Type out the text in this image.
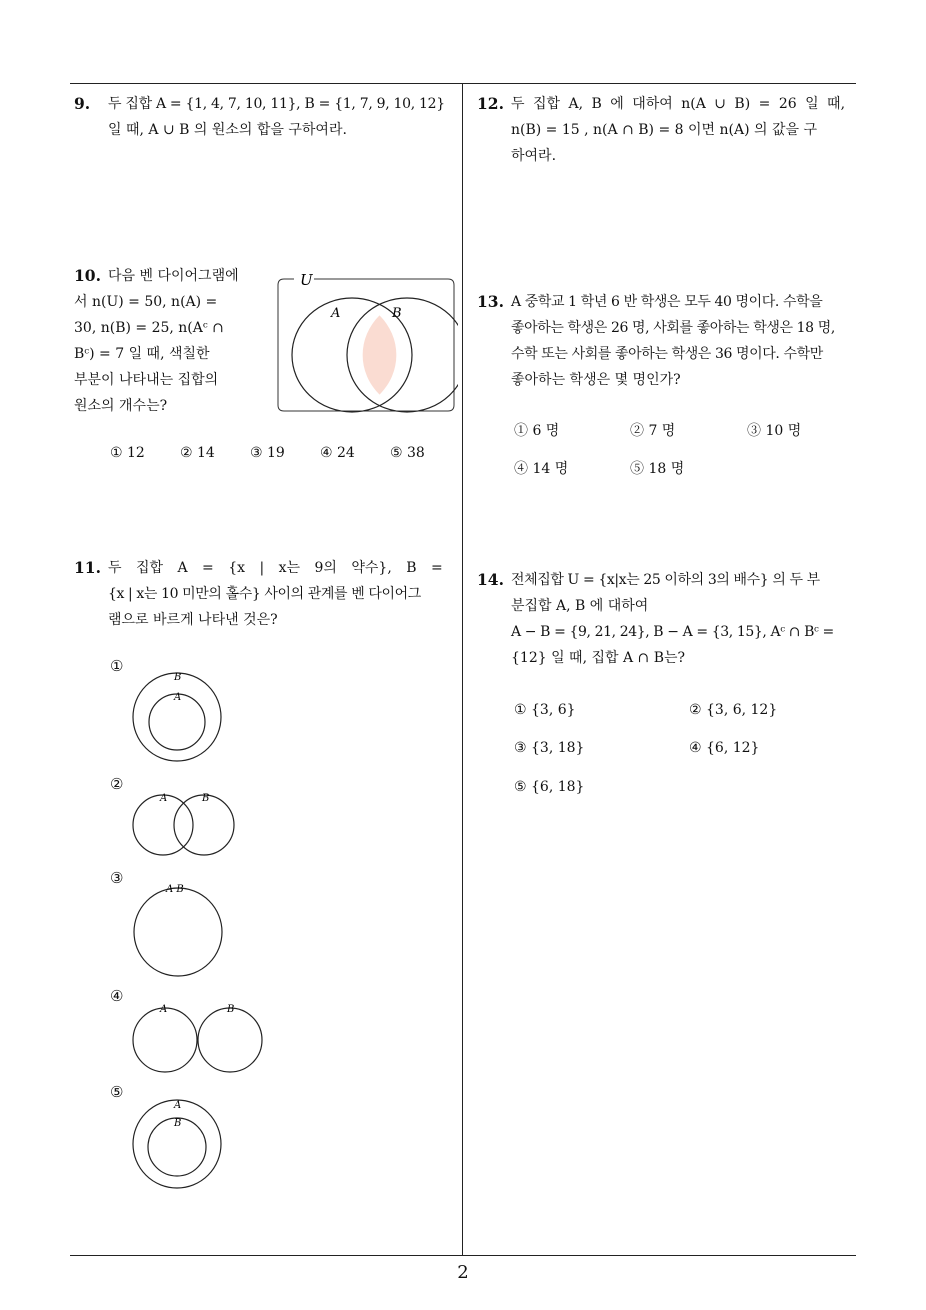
9. 두 집합 A = {1, 4, 7, 10, 11}, B = {1, 7, 9, 10, 12}

일 때, A ∪ B 의 원소의 합을 구하여라.

10. 다음 벤 다이어그램에

서 n(U) = 50, n(A) =

30, n(B) = 25, n(Aᶜ ∩

Bᶜ) = 7 일 때, 색칠한

부분이 나타내는 집합의

원소의 개수는?

U
A	B
① 12	② 14	③ 19	④ 24	⑤ 38
11. 두 집합 A = {x | x는 9의 약수}, B =

{x | x는 10 미만의 홀수} 사이의 관계를 벤 다이어그

램으로 바르게 나타낸 것은?

①
B
A
②
A	B
③
A B
④
A	B
⑤
A
B
12. 두 집합 A, B 에 대하여 n(A ∪ B) = 26 일 때,

n(B) = 15 , n(A ∩ B) = 8 이면 n(A) 의 값을 구

하여라.

13. A 중학교 1 학년 6 반 학생은 모두 40 명이다. 수학을

좋아하는 학생은 26 명, 사회를 좋아하는 학생은 18 명,

수학 또는 사회를 좋아하는 학생은 36 명이다. 수학만

좋아하는 학생은 몇 명인가?

① 6 명	② 7 명	③ 10 명
④ 14 명	⑤ 18 명
14. 전체집합 U = {x|x는 25 이하의 3의 배수} 의 두 부

분집합 A, B 에 대하여

A − B = {9, 21, 24}, B − A = {3, 15}, Aᶜ ∩ Bᶜ =

{12} 일 때, 집합 A ∩ B는?

① {3, 6}	② {3, 6, 12}
③ {3, 18}	④ {6, 12}
⑤ {6, 18}
2
